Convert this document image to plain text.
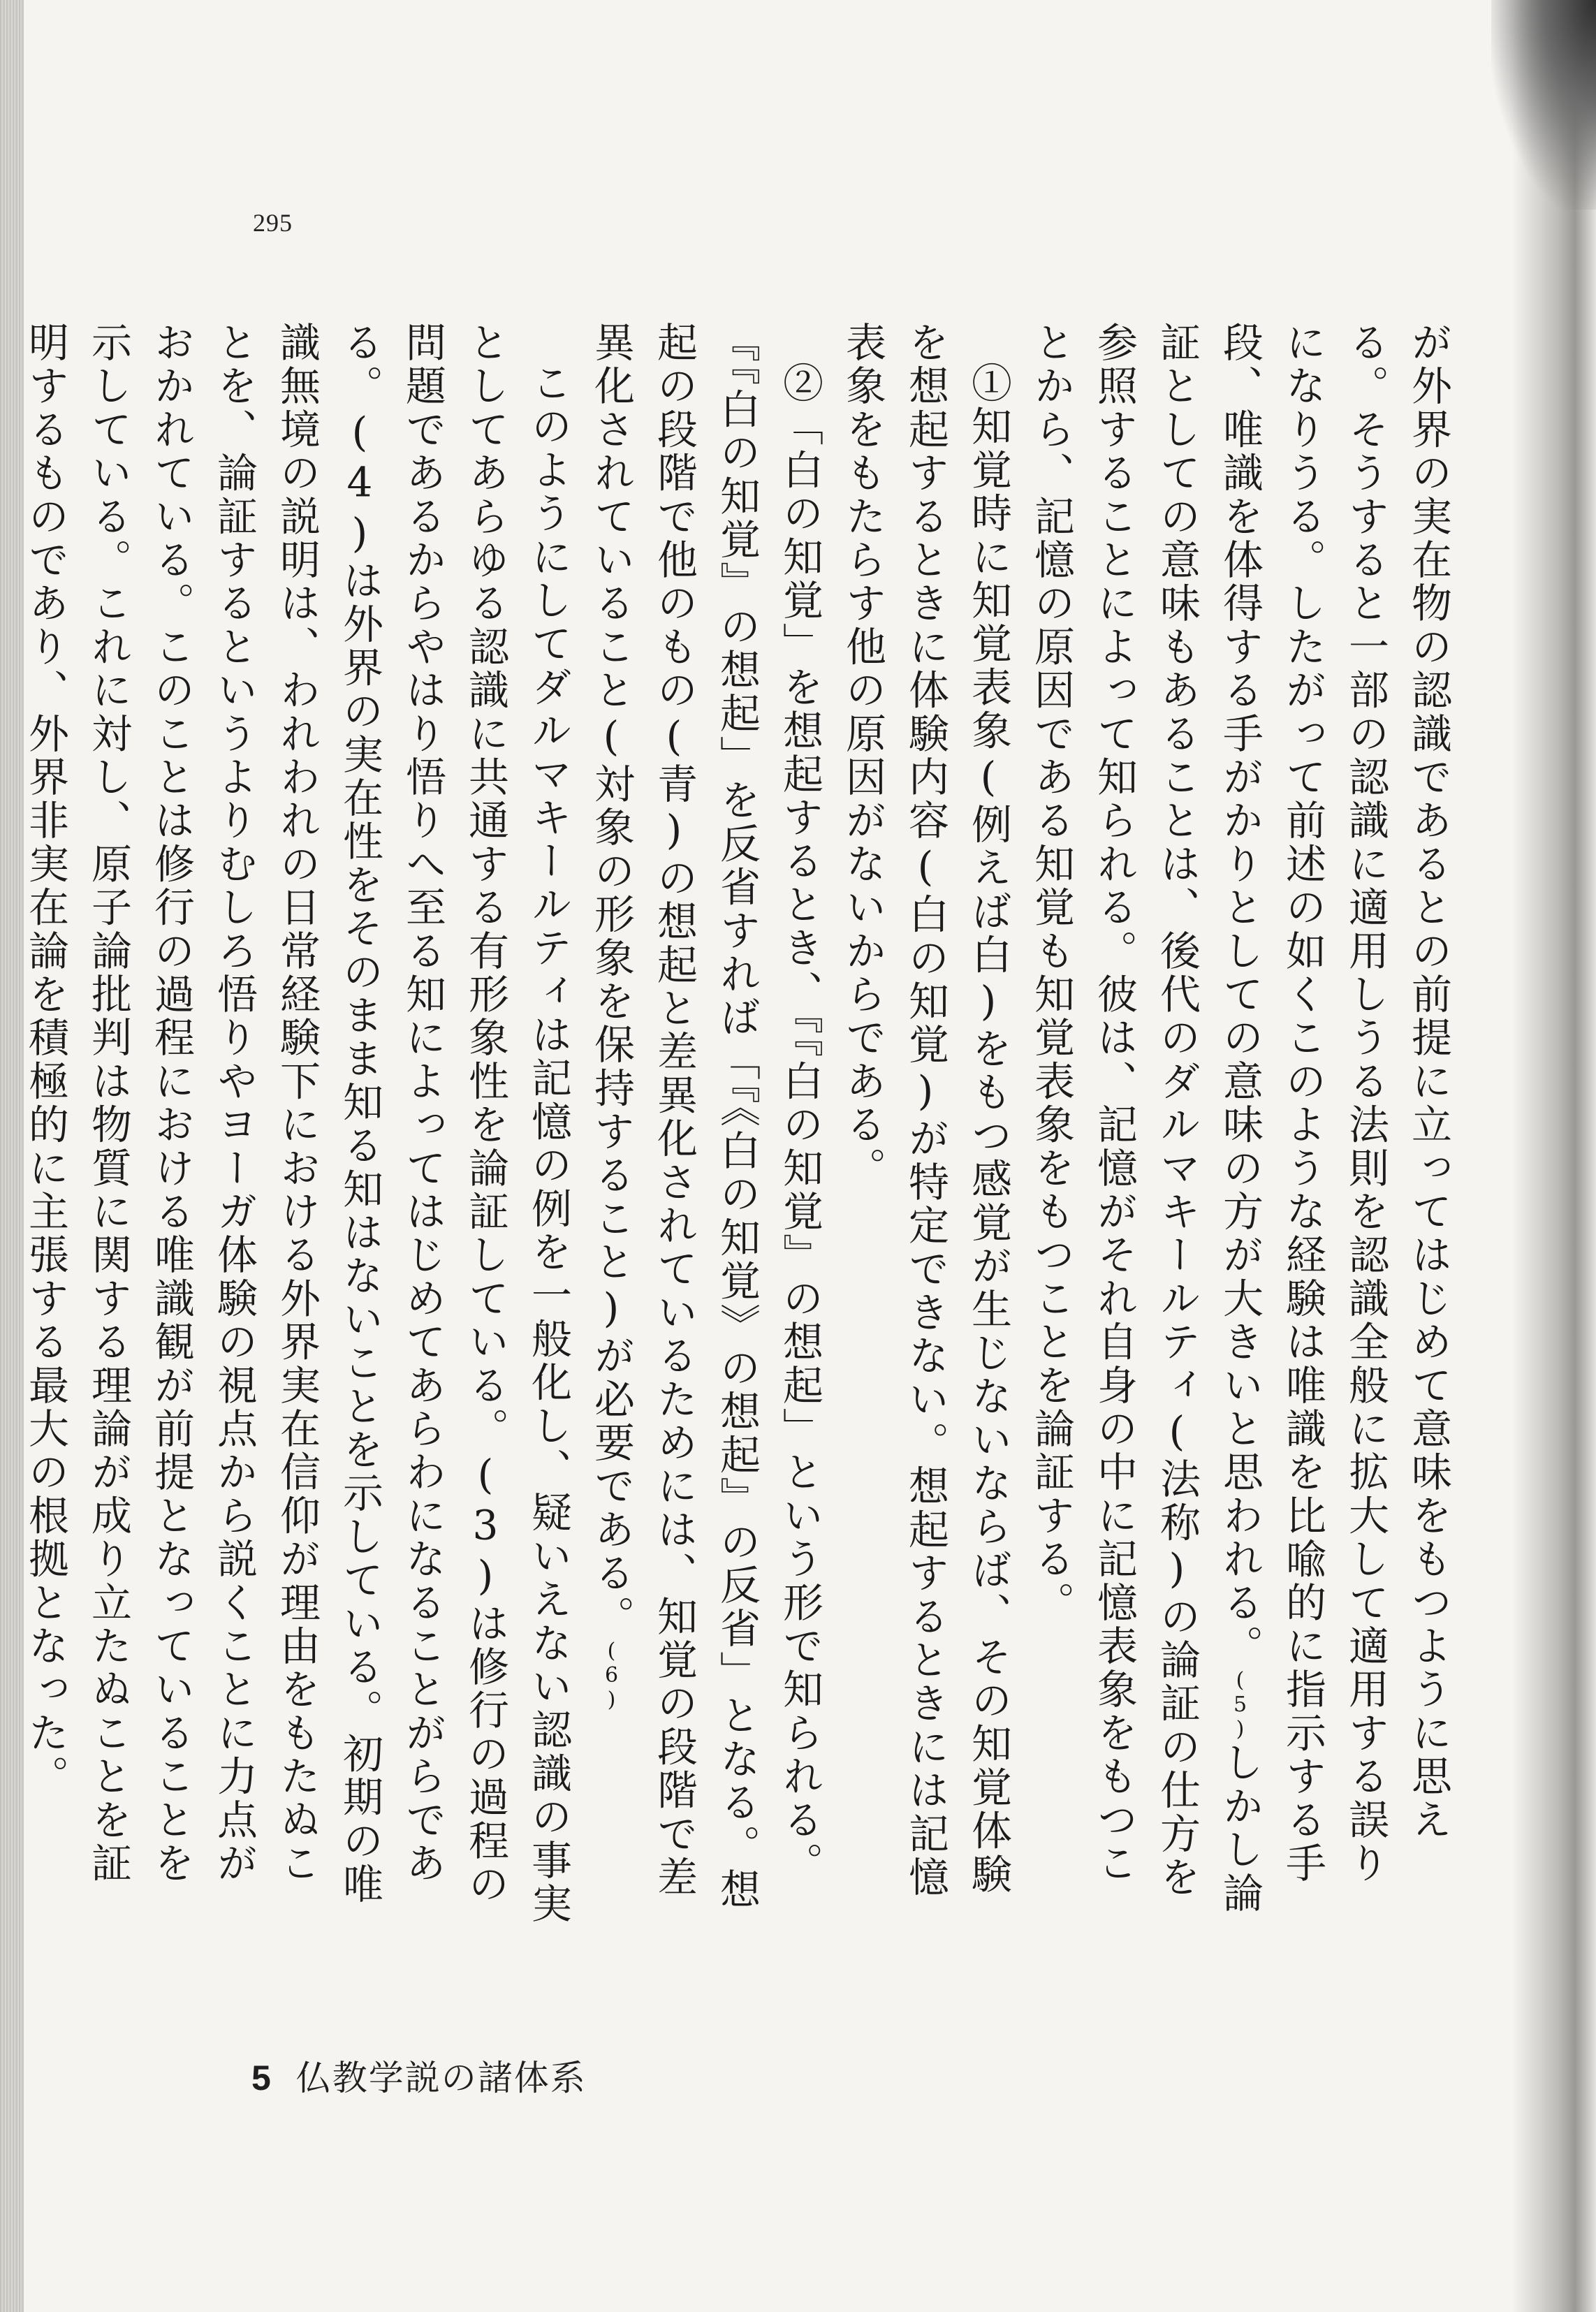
295

が外界の実在物の認識であるとの前提に立ってはじめて意味をもつように思える。そうすると一部の認識に適用しうる法則を認識全般に拡大して適用する誤りになりうる。したがって前述の如くこのような経験は唯識を比喩的に指示する手段、唯識を体得する手がかりとしての意味の方が大きいと思われる。(5)しかし論証としての意味もあることは、後代のダルマキールティ(法称)の論証の仕方を参照することによって知られる。彼は、記憶がそれ自身の中に記憶表象をもつことから、記憶の原因である知覚も知覚表象をもつことを論証する。

①知覚時に知覚表象(例えば白)をもつ感覚が生じないならば、その知覚体験を想起するときに体験内容(白の知覚)が特定できない。想起するときには記憶表象をもたらす他の原因がないからである。

②「白の知覚」を想起するとき、『『白の知覚』の想起」という形で知られる。『『白の知覚』の想起」を反省すれば「『《白の知覚》の想起』の反省」となる。想起の段階で他のもの(青)の想起と差異化されているためには、知覚の段階で差異化されていること(対象の形象を保持すること)が必要である。(6)

このようにしてダルマキールティは記憶の例を一般化し、疑いえない認識の事実としてあらゆる認識に共通する有形象性を論証している。(3)は修行の過程の問題であるからやはり悟りへ至る知によってはじめてあらわになることがらである。(4)は外界の実在性をそのまま知る知はないことを示している。初期の唯識無境の説明は、われわれの日常経験下における外界実在信仰が理由をもたぬことを、論証するというよりむしろ悟りやヨーガ体験の視点から説くことに力点がおかれている。このことは修行の過程における唯識観が前提となっていることを示している。これに対し、原子論批判は物質に関する理論が成り立たぬことを証明するものであり、外界非実在論を積極的に主張する最大の根拠となった。

5 仏教学説の諸体系
